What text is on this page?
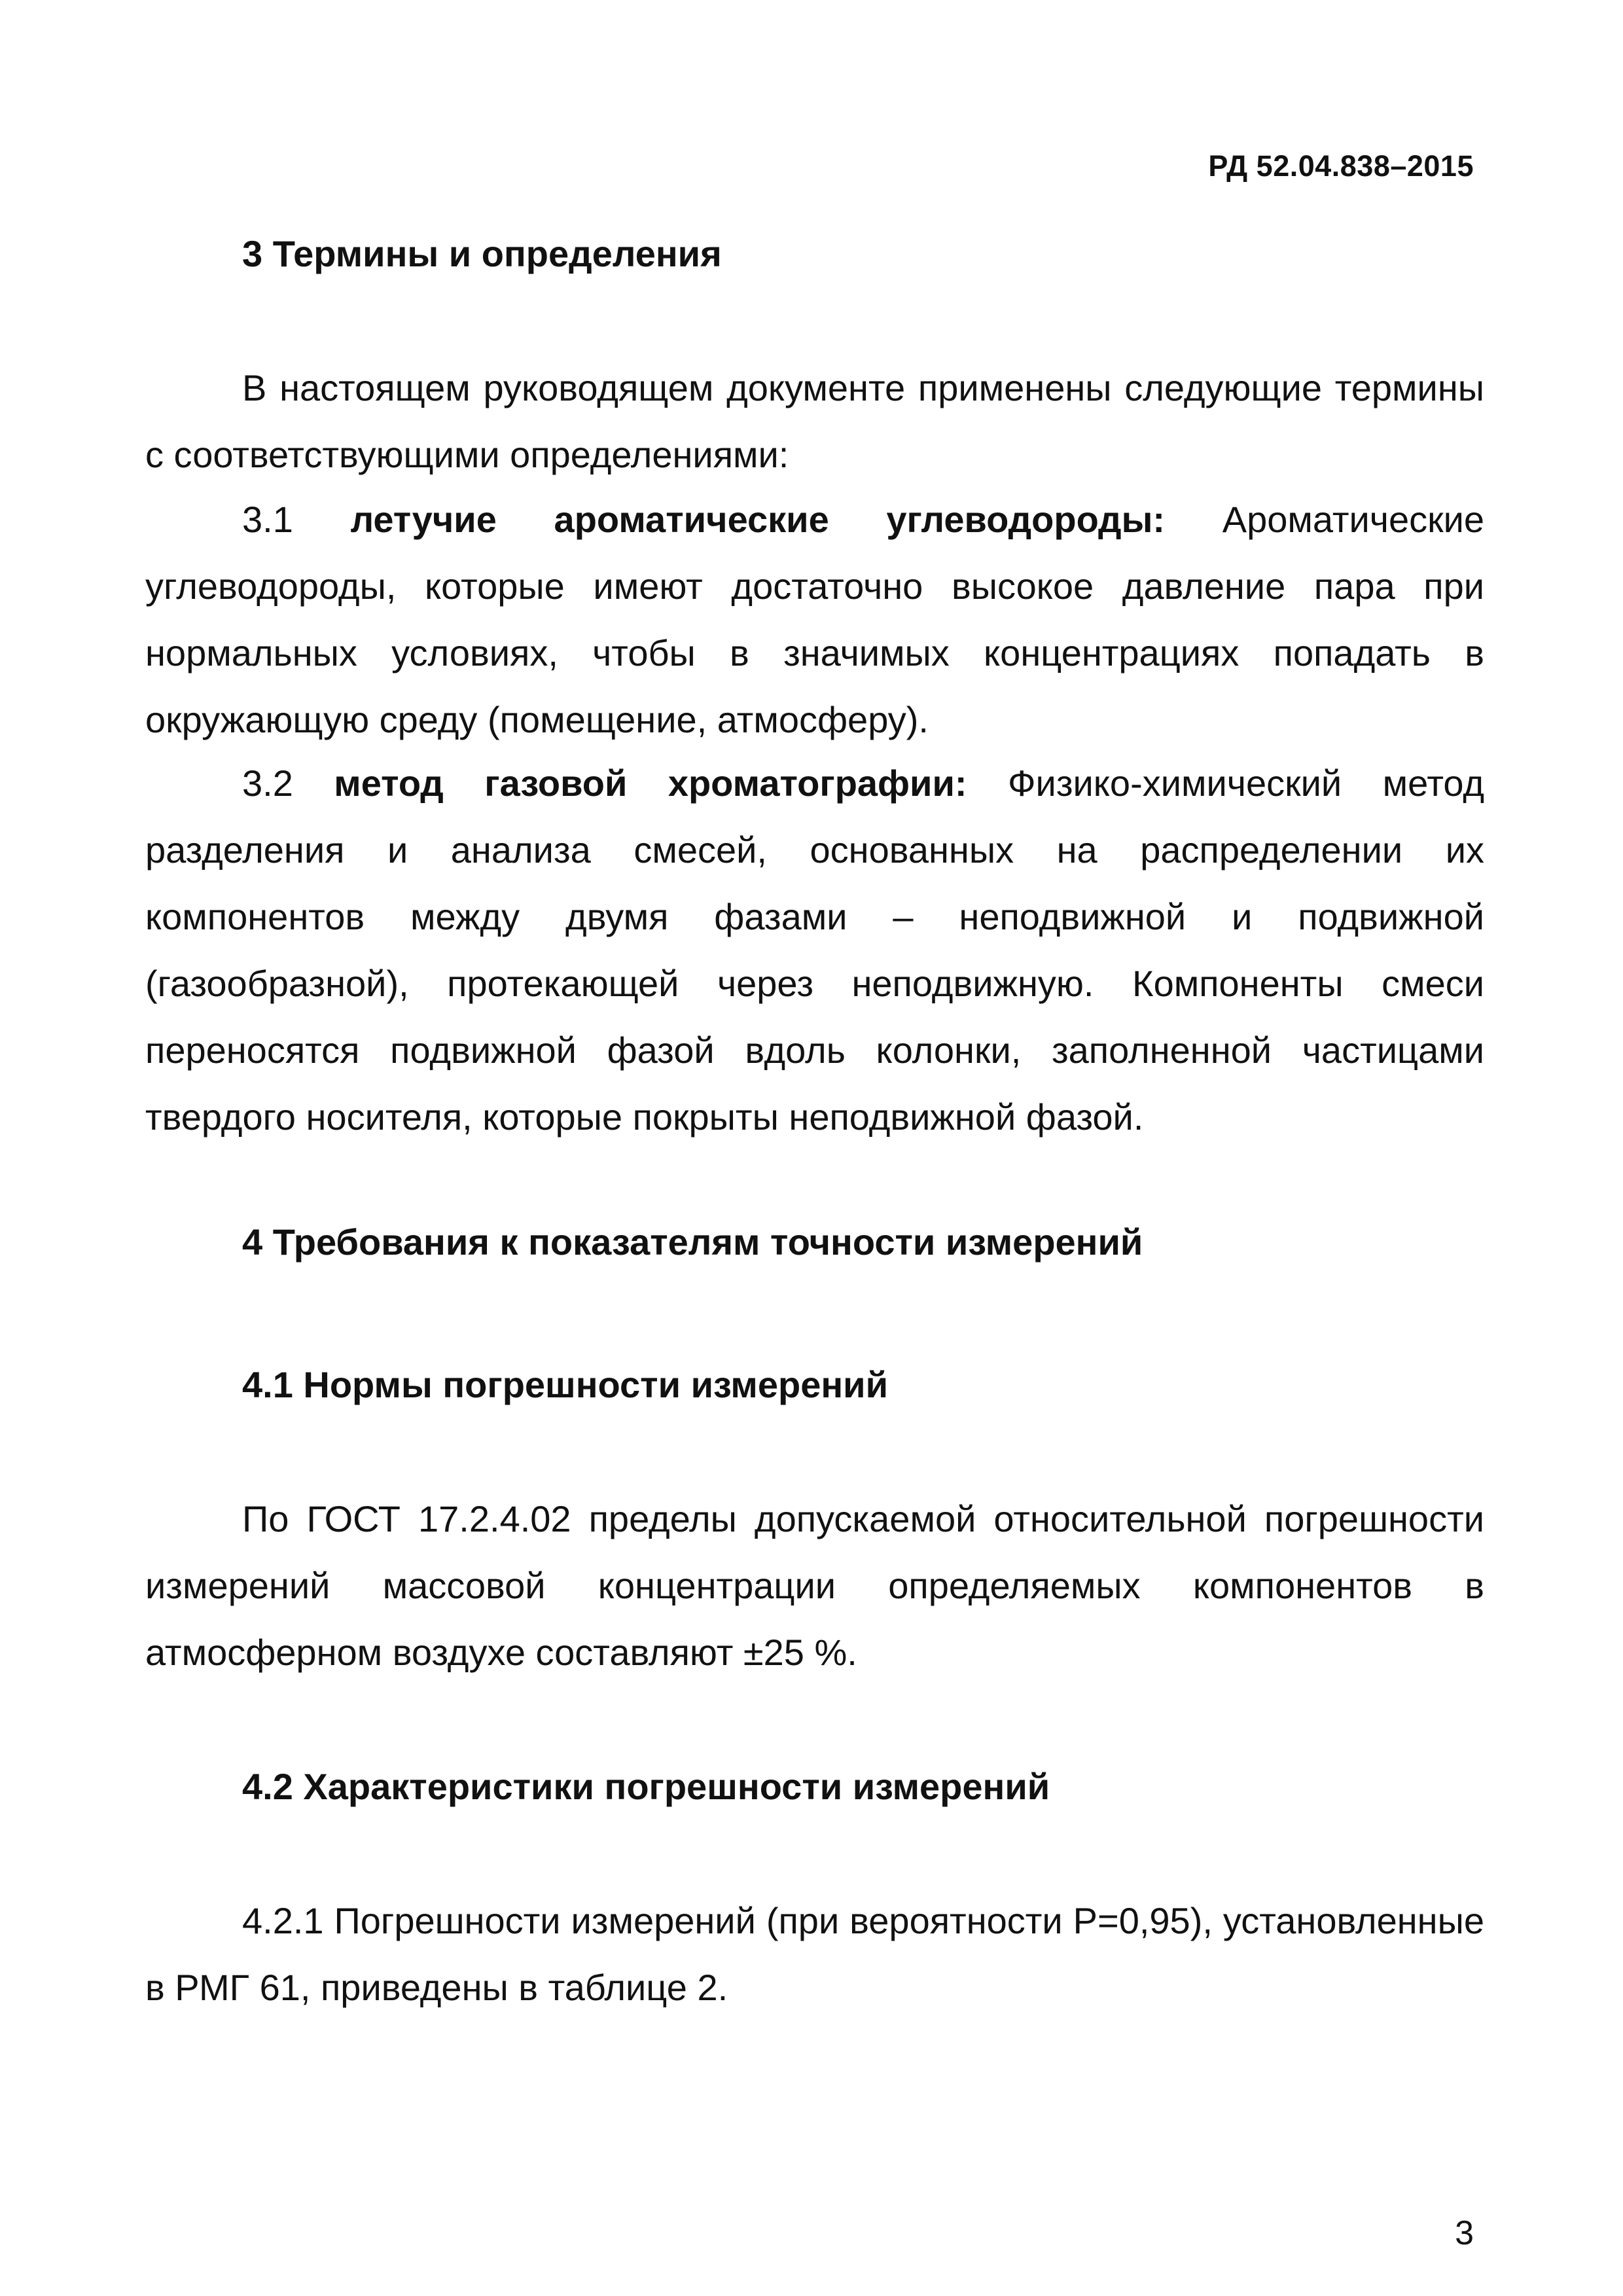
РД 52.04.838–2015
3 Термины и определения

В настоящем руководящем документе применены следующие термины с соответствующими определениями:

3.1 летучие ароматические углеводороды: Ароматические углеводороды, которые имеют достаточно высокое давление пара при нормальных условиях, чтобы в значимых концентрациях попадать в окружающую среду (помещение, атмосферу).

3.2 метод газовой хроматографии: Физико-химический метод разделения и анализа смесей, основанных на распределении их компонентов между двумя фазами – неподвижной и подвижной (газообразной), протекающей через неподвижную. Компоненты смеси переносятся подвижной фазой вдоль колонки, заполненной частицами твердого носителя, которые покрыты неподвижной фазой.

4 Требования к показателям точности измерений
4.1 Нормы погрешности измерений

По ГОСТ 17.2.4.02 пределы допускаемой относительной погрешности измерений массовой концентрации определяемых компонентов в атмосферном воздухе составляют ±25 %.

4.2 Характеристики погрешности измерений

4.2.1 Погрешности измерений (при вероятности P=0,95), установленные в РМГ 61, приведены в таблице 2.

3
